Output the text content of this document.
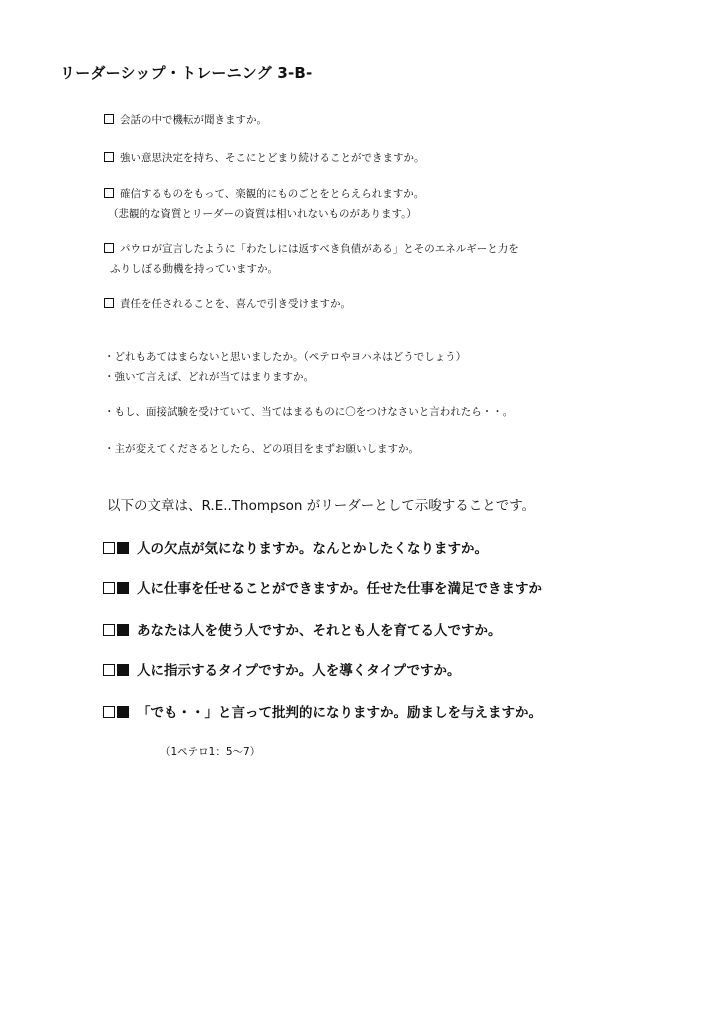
リーダーシップ・トレーニング 3-B-
会話の中で機転が聞きますか。
強い意思決定を持ち、そこにとどまり続けることができますか。
確信するものをもって、楽観的にものごとをとらえられますか。
（悲観的な資質とリーダーの資質は相いれないものがあります。）
パウロが宣言したように「わたしには返すべき負債がある」とそのエネルギーと力を
ふりしぼる動機を持っていますか。
責任を任されることを、喜んで引き受けますか。
・どれもあてはまらないと思いましたか。（ペテロやヨハネはどうでしょう）
・強いて言えば、どれが当てはまりますか。
・もし、面接試験を受けていて、当てはまるものに〇をつけなさいと言われたら・・。
・主が変えてくださるとしたら、どの項目をまずお願いしますか。
以下の文章は、R.E..Thompson がリーダーとして示唆することです。
人の欠点が気になりますか。なんとかしたくなりますか。
人に仕事を任せることができますか。任せた仕事を満足できますか
あなたは人を使う人ですか、それとも人を育てる人ですか。
人に指示するタイプですか。人を導くタイプですか。
「でも・・」と言って批判的になりますか。励ましを与えますか。
（1ペテロ1：5～7）
